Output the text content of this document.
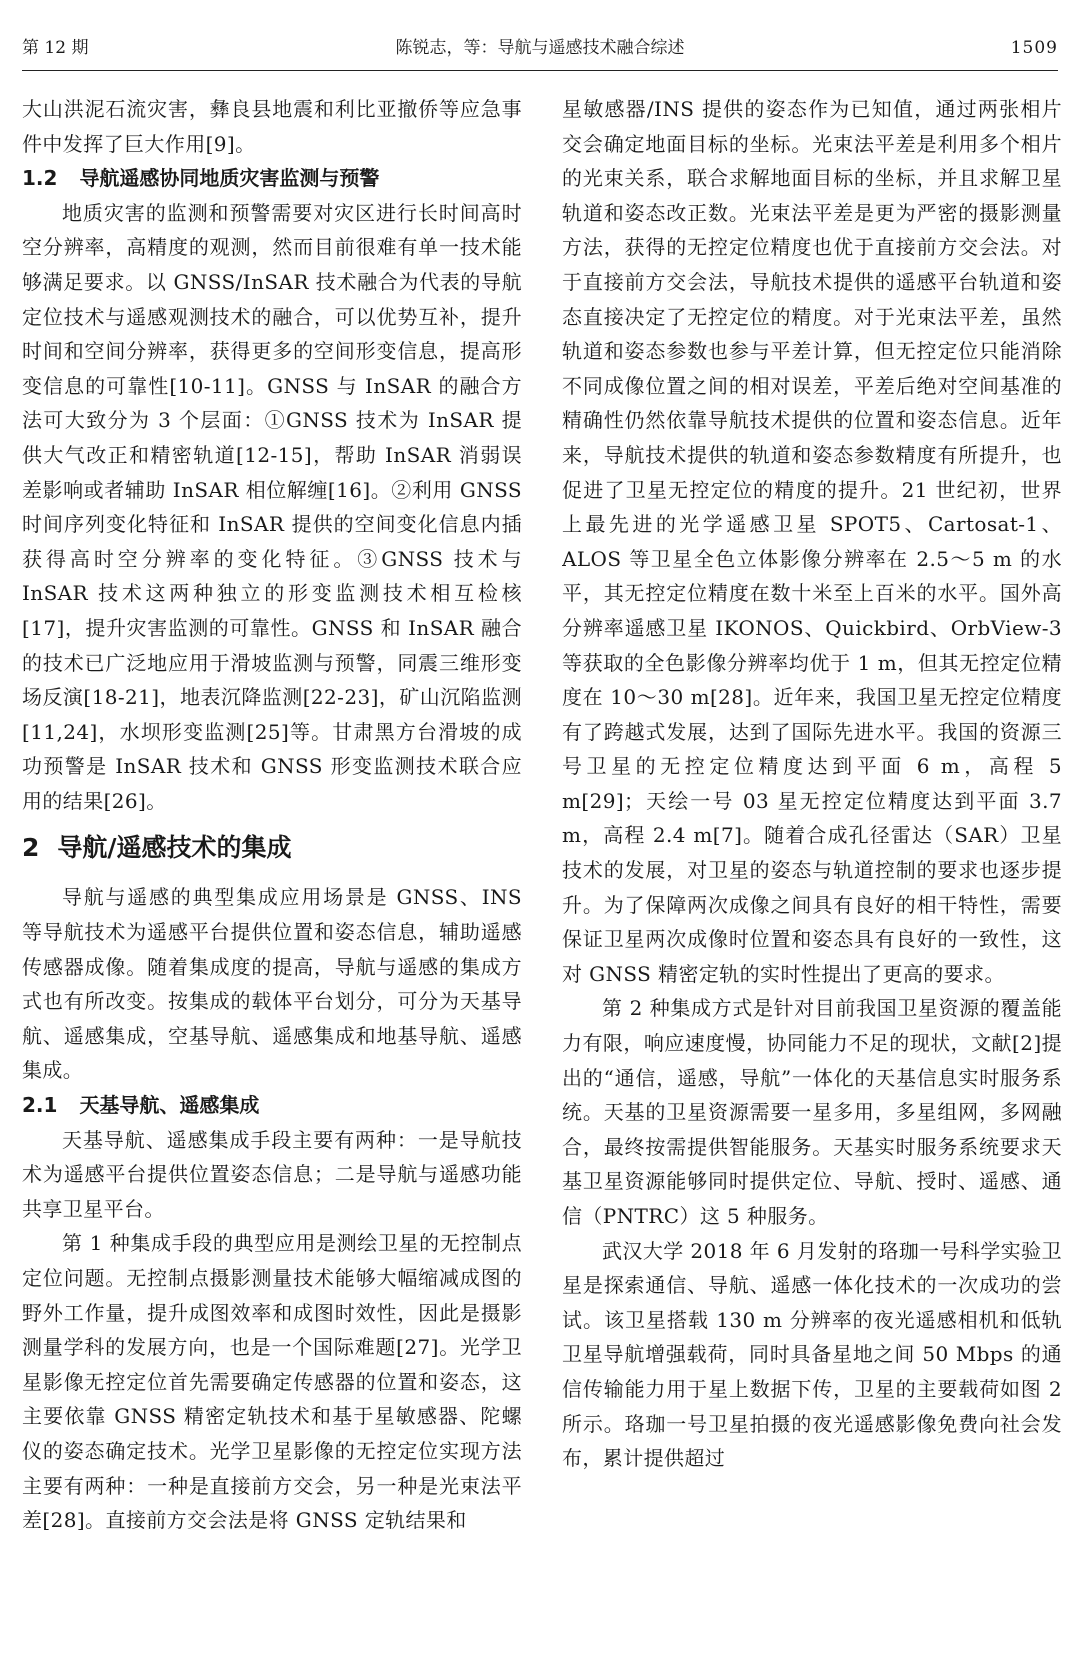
第 12 期	陈锐志，等：导航与遥感技术融合综述	1509

大山洪泥石流灾害，彝良县地震和利比亚撤侨等应急事件中发挥了巨大作用[9]。

1.2 导航遥感协同地质灾害监测与预警

地质灾害的监测和预警需要对灾区进行长时间高时空分辨率，高精度的观测，然而目前很难有单一技术能够满足要求。以 GNSS/InSAR 技术融合为代表的导航定位技术与遥感观测技术的融合，可以优势互补，提升时间和空间分辨率，获得更多的空间形变信息，提高形变信息的可靠性[10-11]。GNSS 与 InSAR 的融合方法可大致分为 3 个层面：①GNSS 技术为 InSAR 提供大气改正和精密轨道[12-15]，帮助 InSAR 消弱误差影响或者辅助 InSAR 相位解缠[16]。②利用 GNSS 时间序列变化特征和 InSAR 提供的空间变化信息内插获得高时空分辨率的变化特征。③GNSS 技术与 InSAR 技术这两种独立的形变监测技术相互检核[17]，提升灾害监测的可靠性。GNSS 和 InSAR 融合的技术已广泛地应用于滑坡监测与预警，同震三维形变场反演[18-21]，地表沉降监测[22-23]，矿山沉陷监测[11,24]，水坝形变监测[25]等。甘肃黑方台滑坡的成功预警是 InSAR 技术和 GNSS 形变监测技术联合应用的结果[26]。

2 导航/遥感技术的集成

导航与遥感的典型集成应用场景是 GNSS、INS 等导航技术为遥感平台提供位置和姿态信息，辅助遥感传感器成像。随着集成度的提高，导航与遥感的集成方式也有所改变。按集成的载体平台划分，可分为天基导航、遥感集成，空基导航、遥感集成和地基导航、遥感集成。

2.1 天基导航、遥感集成

天基导航、遥感集成手段主要有两种：一是导航技术为遥感平台提供位置姿态信息；二是导航与遥感功能共享卫星平台。

第 1 种集成手段的典型应用是测绘卫星的无控制点定位问题。无控制点摄影测量技术能够大幅缩减成图的野外工作量，提升成图效率和成图时效性，因此是摄影测量学科的发展方向，也是一个国际难题[27]。光学卫星影像无控定位首先需要确定传感器的位置和姿态，这主要依靠 GNSS 精密定轨技术和基于星敏感器、陀螺仪的姿态确定技术。光学卫星影像的无控定位实现方法主要有两种：一种是直接前方交会，另一种是光束法平差[28]。直接前方交会法是将 GNSS 定轨结果和

星敏感器/INS 提供的姿态作为已知值，通过两张相片交会确定地面目标的坐标。光束法平差是利用多个相片的光束关系，联合求解地面目标的坐标，并且求解卫星轨道和姿态改正数。光束法平差是更为严密的摄影测量方法，获得的无控定位精度也优于直接前方交会法。对于直接前方交会法，导航技术提供的遥感平台轨道和姿态直接决定了无控定位的精度。对于光束法平差，虽然轨道和姿态参数也参与平差计算，但无控定位只能消除不同成像位置之间的相对误差，平差后绝对空间基准的精确性仍然依靠导航技术提供的位置和姿态信息。近年来，导航技术提供的轨道和姿态参数精度有所提升，也促进了卫星无控定位的精度的提升。21 世纪初，世界上最先进的光学遥感卫星 SPOT5、Cartosat-1、ALOS 等卫星全色立体影像分辨率在 2.5～5 m 的水平，其无控定位精度在数十米至上百米的水平。国外高分辨率遥感卫星 IKONOS、Quickbird、OrbView-3 等获取的全色影像分辨率均优于 1 m，但其无控定位精度在 10～30 m[28]。近年来，我国卫星无控定位精度有了跨越式发展，达到了国际先进水平。我国的资源三号卫星的无控定位精度达到平面 6 m，高程 5 m[29]；天绘一号 03 星无控定位精度达到平面 3.7 m，高程 2.4 m[7]。随着合成孔径雷达（SAR）卫星技术的发展，对卫星的姿态与轨道控制的要求也逐步提升。为了保障两次成像之间具有良好的相干特性，需要保证卫星两次成像时位置和姿态具有良好的一致性，这对 GNSS 精密定轨的实时性提出了更高的要求。

第 2 种集成方式是针对目前我国卫星资源的覆盖能力有限，响应速度慢，协同能力不足的现状，文献[2]提出的“通信，遥感，导航”一体化的天基信息实时服务系统。天基的卫星资源需要一星多用，多星组网，多网融合，最终按需提供智能服务。天基实时服务系统要求天基卫星资源能够同时提供定位、导航、授时、遥感、通信（PNTRC）这 5 种服务。

武汉大学 2018 年 6 月发射的珞珈一号科学实验卫星是探索通信、导航、遥感一体化技术的一次成功的尝试。该卫星搭载 130 m 分辨率的夜光遥感相机和低轨卫星导航增强载荷，同时具备星地之间 50 Mbps 的通信传输能力用于星上数据下传，卫星的主要载荷如图 2 所示。珞珈一号卫星拍摄的夜光遥感影像免费向社会发布，累计提供超过
